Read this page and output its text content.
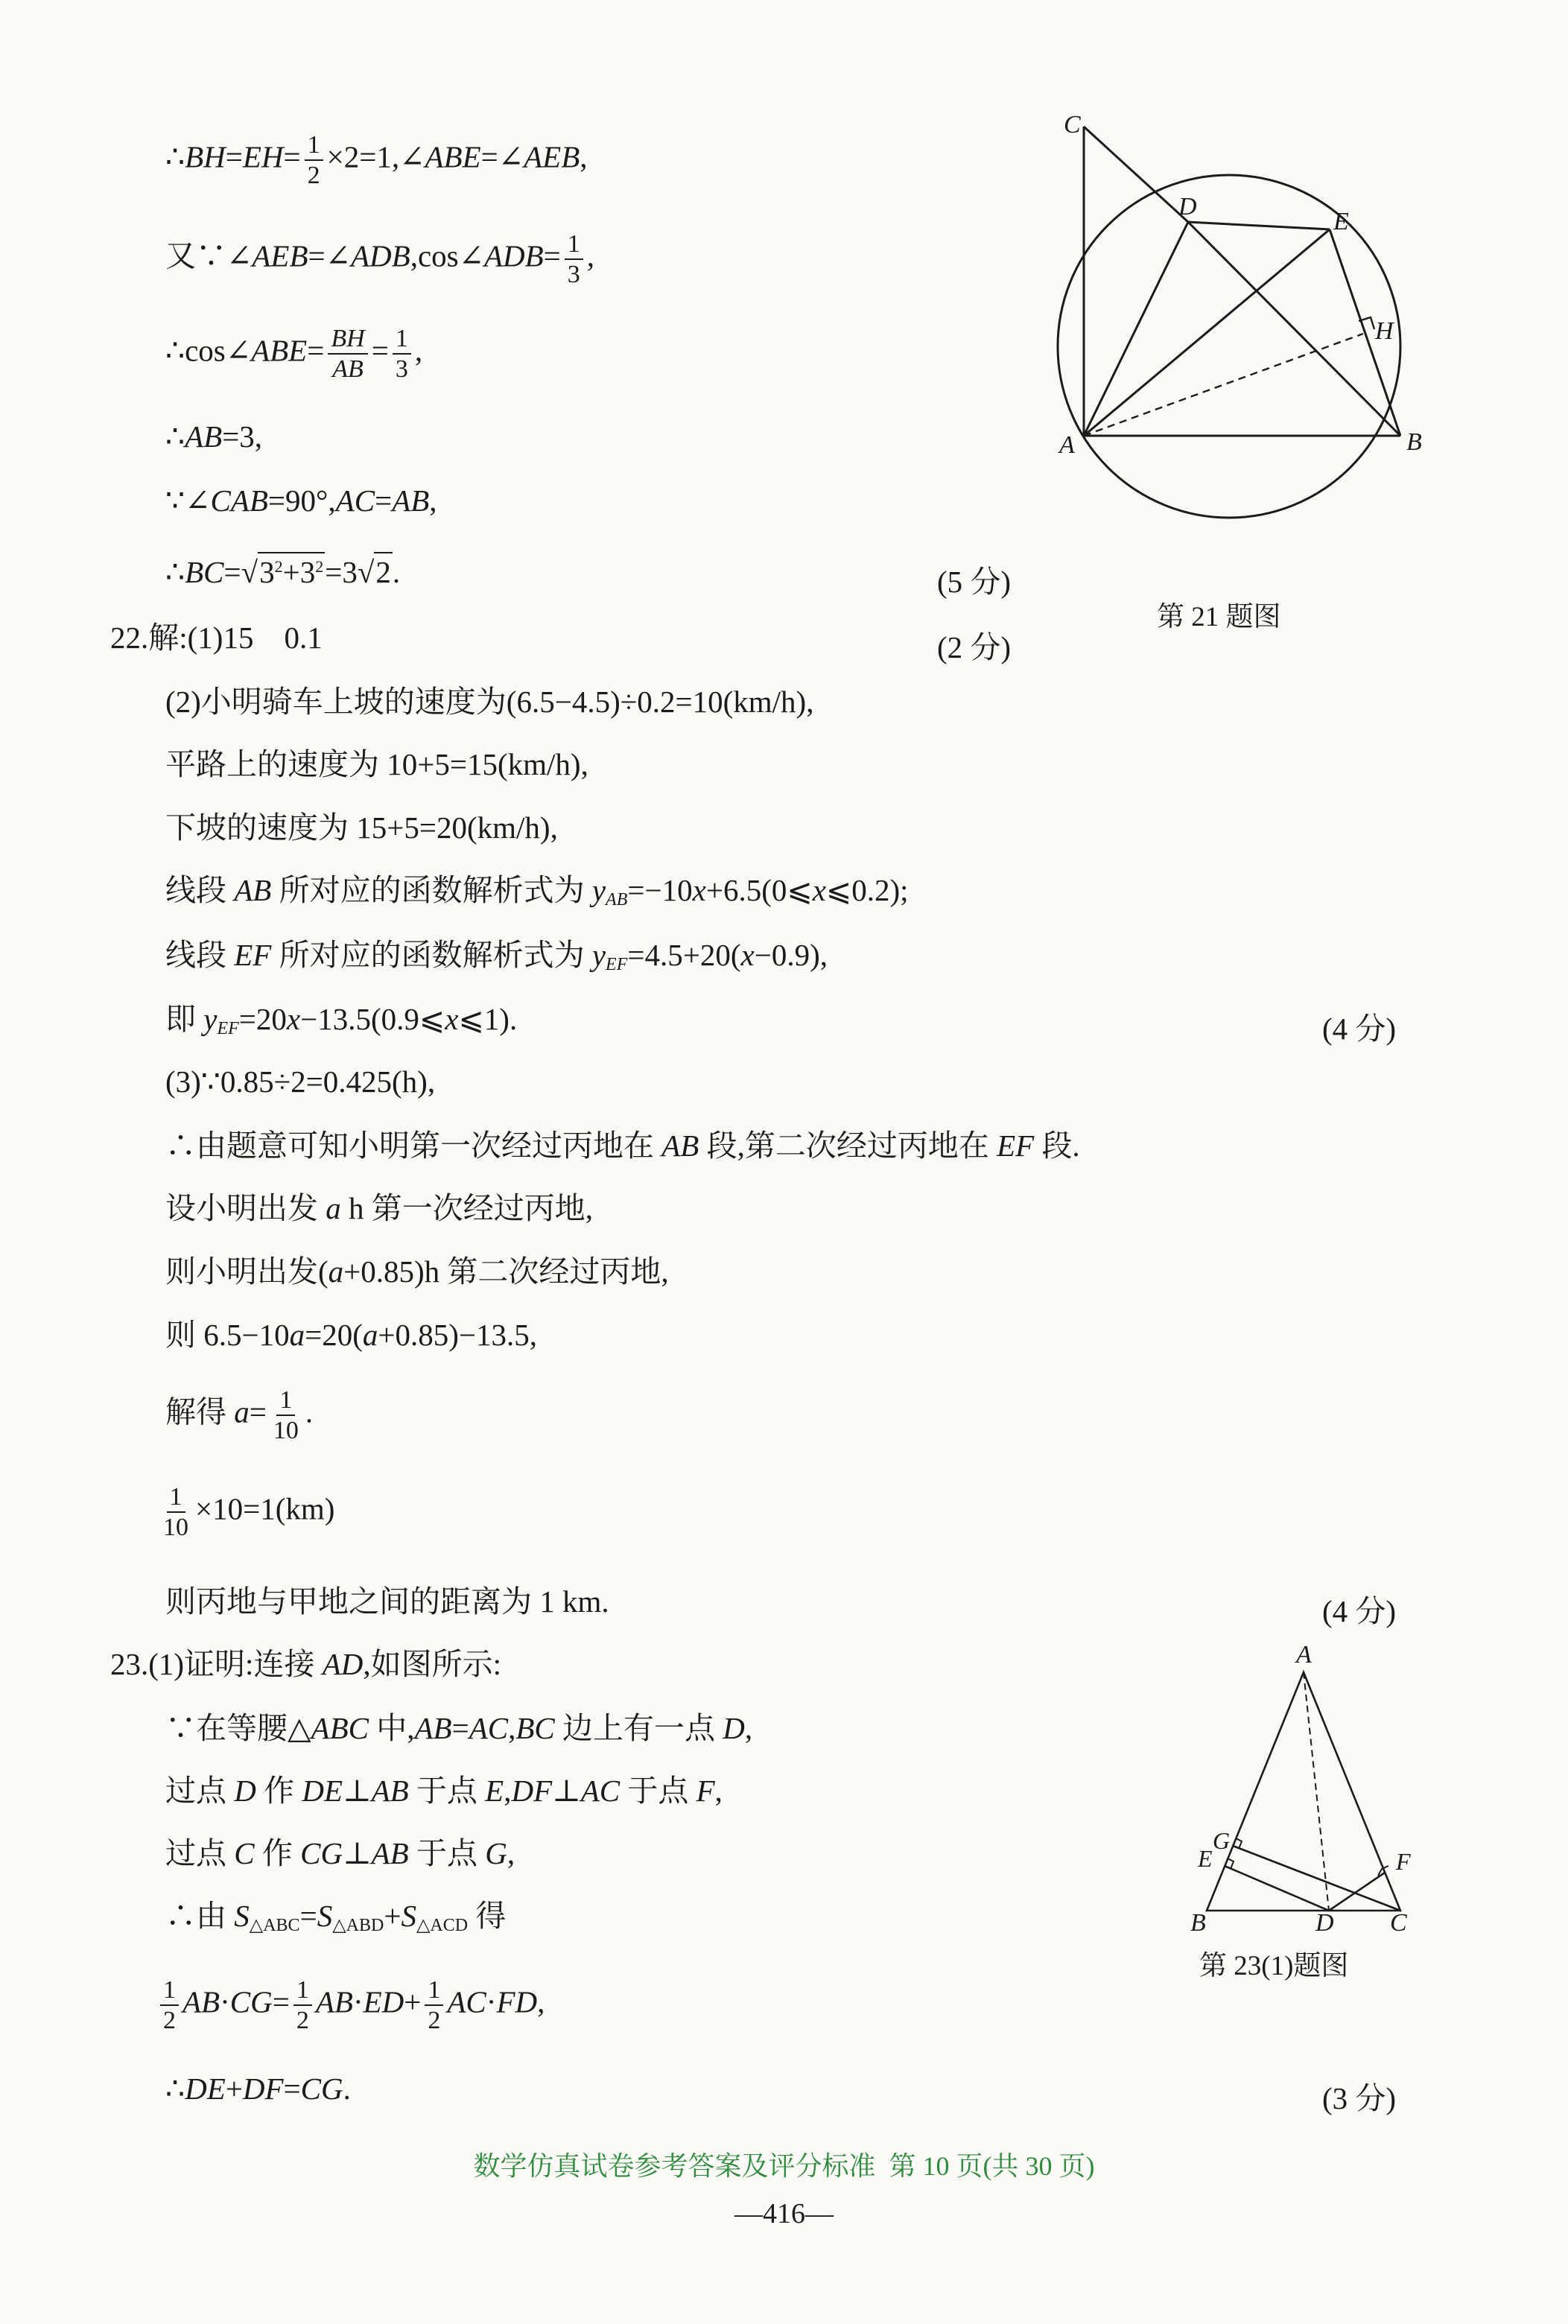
∴BH=EH= $\frac{1}{2}$ ×2=1,∠ABE=∠AEB,
又∵∠AEB=∠ADB,cos∠ADB= $\frac{1}{3}$ ,
∴cos∠ABE= $\frac{BH}{AB} = \frac{1}{3}$ ,
∴AB=3,
∵∠CAB=90°,AC=AB,
$\therefore BC=√3^2+3^2=3√2$.	(5 分)
C
D
E
H
A	B
第 21 题图
22.解:(1)15    0.1	(2 分)
(2)小明骑车上坡的速度为(6.5−4.5)÷0.2=10(km/h),
平路上的速度为 10+5=15(km/h),
下坡的速度为 15+5=20(km/h),
线段 AB 所对应的函数解析式为 $y_{AB}=-10x+6.5(0⩽x⩽0.2)$;
线段 EF 所对应的函数解析式为 $y_{EF}=4.5+20(x-0.9)$,
即 $y_{EF}=20x-13.5(0.9⩽x⩽1)$.	(4 分)
(3)∵0.85÷2=0.425(h),
∴由题意可知小明第一次经过丙地在 AB 段,第二次经过丙地在 EF 段.
设小明出发 a h 第一次经过丙地,
则小明出发(a+0.85)h 第二次经过丙地,
则 6.5−10a=20(a+0.85)−13.5,
解得 $a= \frac{1}{10}$ .
$\frac{1}{10} \times 10=1(km)$
则丙地与甲地之间的距离为 1 km.	(4 分)
23.(1)证明:连接 AD,如图所示:
∵在等腰△ABC 中,AB=AC,BC 边上有一点 D,
过点 D 作 DE⊥AB 于点 E,DF⊥AC 于点 F,
过点 C 作 CG⊥AB 于点 G,
∴由 $S_{\triangle ABC}=S_{\triangle ABD}+S_{\triangle ACD}$ 得
$\frac{1}{2} AB\cdot CG= \frac{1}{2} AB\cdot ED+ \frac{1}{2} AC\cdot FD$,
∴DE+DF=CG.	(3 分)
A
G
E	F
B	D C
第 23(1)题图
数学仿真试卷参考答案及评分标准  第 10 页(共 30 页)
—416—
